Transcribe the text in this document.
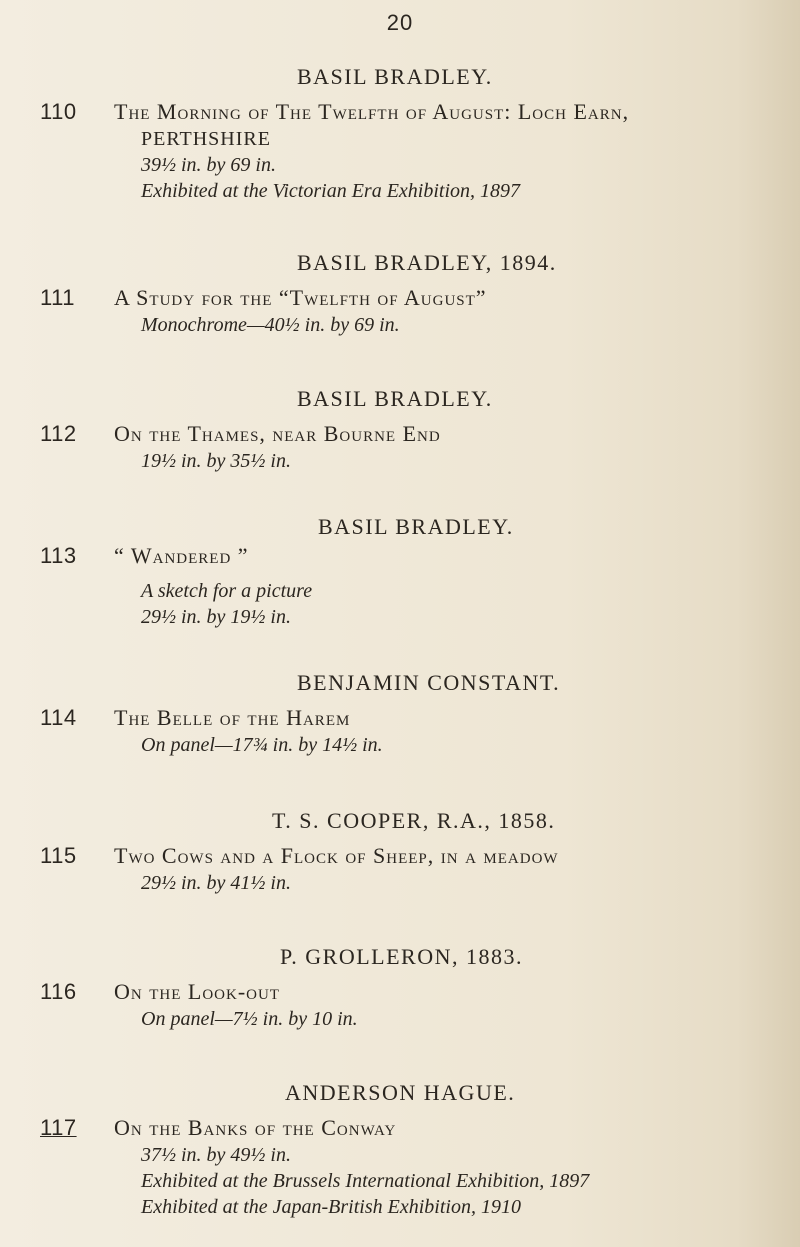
20
BASIL BRADLEY.
110 The Morning of The Twelfth of August: Loch Earn,
PERTHSHIRE
39½ in. by 69 in.
Exhibited at the Victorian Era Exhibition, 1897
BASIL BRADLEY, 1894.
111 A Study for the “Twelfth of August”
Monochrome—40½ in. by 69 in.
BASIL BRADLEY.
112 On the Thames, near Bourne End
19½ in. by 35½ in.
BASIL BRADLEY.
113 “ Wandered ”
A sketch for a picture
29½ in. by 19½ in.
BENJAMIN CONSTANT.
114 The Belle of the Harem
On panel—17¾ in. by 14½ in.
T. S. COOPER, R.A., 1858.
115 Two Cows and a Flock of Sheep, in a meadow
29½ in. by 41½ in.
P. GROLLERON, 1883.
116 On the Look-out
On panel—7½ in. by 10 in.
ANDERSON HAGUE.
117 On the Banks of the Conway
37½ in. by 49½ in.
Exhibited at the Brussels International Exhibition, 1897
Exhibited at the Japan-British Exhibition, 1910
